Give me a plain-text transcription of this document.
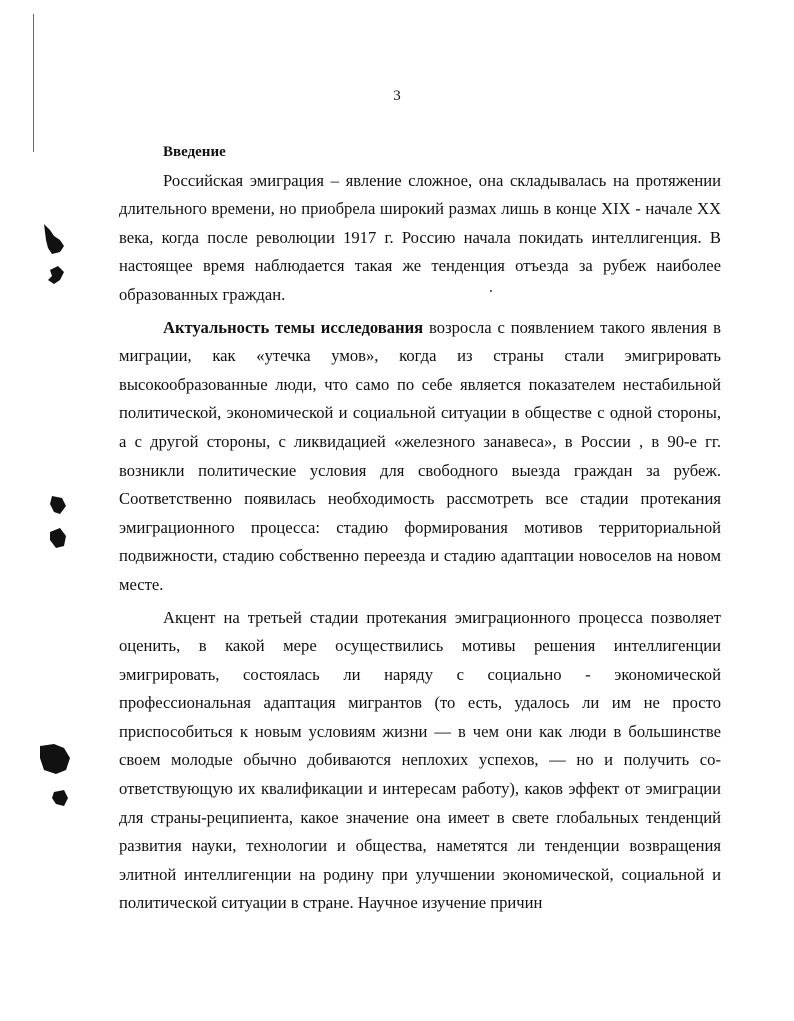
3

Введение

Российская эмиграция – явление сложное, она складывалась на протяжении длительного времени, но приобрела широкий размах лишь в конце XIX - начале XX века, когда после революции 1917 г. Россию начала покидать интеллигенция. В настоящее время наблюдается такая же тенденция отъезда за рубеж наиболее образованных граждан.

Актуальность темы исследования возросла с появлением такого явления в миграции, как «утечка умов», когда из страны стали эмигрировать высокообразованные люди, что само по себе является показателем нестабильной политической, экономической и социальной ситуации в обществе с одной стороны, а с другой стороны, с ликвидацией «железного занавеса», в России , в 90-е гг. возникли политические условия для свободного выезда граждан за рубеж. Соответственно появилась необходимость рассмотреть все стадии протекания эмиграционного процесса: стадию формирования мотивов территориальной подвижности, стадию собственно переезда и стадию адаптации новоселов на новом месте.

Акцент на третьей стадии протекания эмиграционного процесса позволяет оценить, в какой мере осуществились мотивы решения интеллигенции эмигрировать, состоялась ли наряду с социально - экономической профессиональная адаптация мигрантов (то есть, удалось ли им не просто приспособиться к новым условиям жизни — в чем они как люди в большинстве своем молодые обычно добиваются неплохих успехов, — но и получить со-ответствующую их квалификации и интересам работу), каков эффект от эмиграции для страны-реципиента, какое значение она имеет в свете глобальных тенденций развития науки, технологии и общества, наметятся ли тенденции возвращения элитной интеллигенции на родину при улучшении экономической, социальной и политической ситуации в стране. Научное изучение причин
